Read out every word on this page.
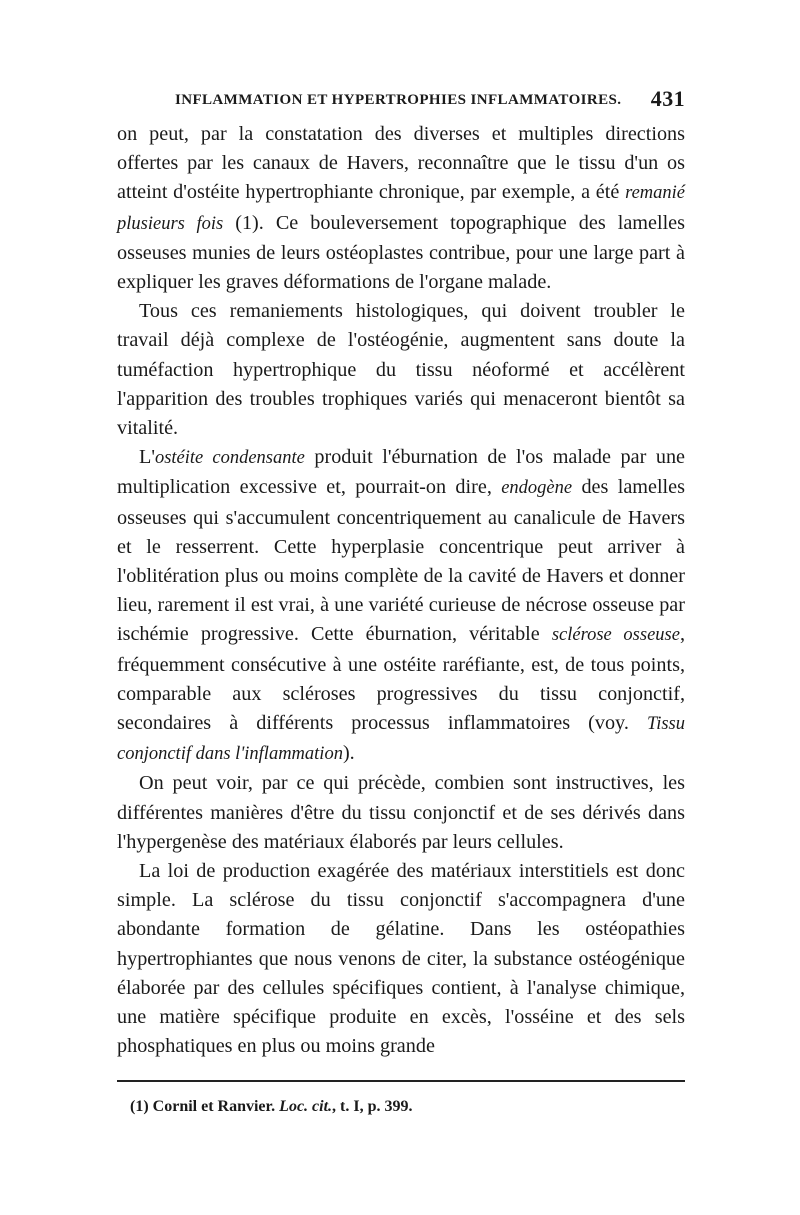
INFLAMMATION ET HYPERTROPHIES INFLAMMATOIRES. 431

on peut, par la constatation des diverses et multiples directions offertes par les canaux de Havers, reconnaître que le tissu d'un os atteint d'ostéite hypertrophiante chronique, par exemple, a été remanié plusieurs fois (1). Ce bouleversement topographique des lamelles osseuses munies de leurs ostéoplastes contribue, pour une large part à expliquer les graves déformations de l'organe malade.

Tous ces remaniements histologiques, qui doivent troubler le travail déjà complexe de l'ostéogénie, augmentent sans doute la tuméfaction hypertrophique du tissu néoformé et accélèrent l'apparition des troubles trophiques variés qui menaceront bientôt sa vitalité.

L'ostéite condensante produit l'éburnation de l'os malade par une multiplication excessive et, pourrait-on dire, endogène des lamelles osseuses qui s'accumulent concentriquement au canalicule de Havers et le resserrent. Cette hyperplasie concentrique peut arriver à l'oblitération plus ou moins complète de la cavité de Havers et donner lieu, rarement il est vrai, à une variété curieuse de nécrose osseuse par ischémie progressive. Cette éburnation, véritable sclérose osseuse, fréquemment consécutive à une ostéite raréfiante, est, de tous points, comparable aux scléroses progressives du tissu conjonctif, secondaires à différents processus inflammatoires (voy. Tissu conjonctif dans l'inflammation).

On peut voir, par ce qui précède, combien sont instructives, les différentes manières d'être du tissu conjonctif et de ses dérivés dans l'hypergenèse des matériaux élaborés par leurs cellules.

La loi de production exagérée des matériaux interstitiels est donc simple. La sclérose du tissu conjonctif s'accompagnera d'une abondante formation de gélatine. Dans les ostéopathies hypertrophiantes que nous venons de citer, la substance ostéogénique élaborée par des cellules spécifiques contient, à l'analyse chimique, une matière spécifique produite en excès, l'osséine et des sels phosphatiques en plus ou moins grande

(1) Cornil et Ranvier. Loc. cit., t. I, p. 399.
